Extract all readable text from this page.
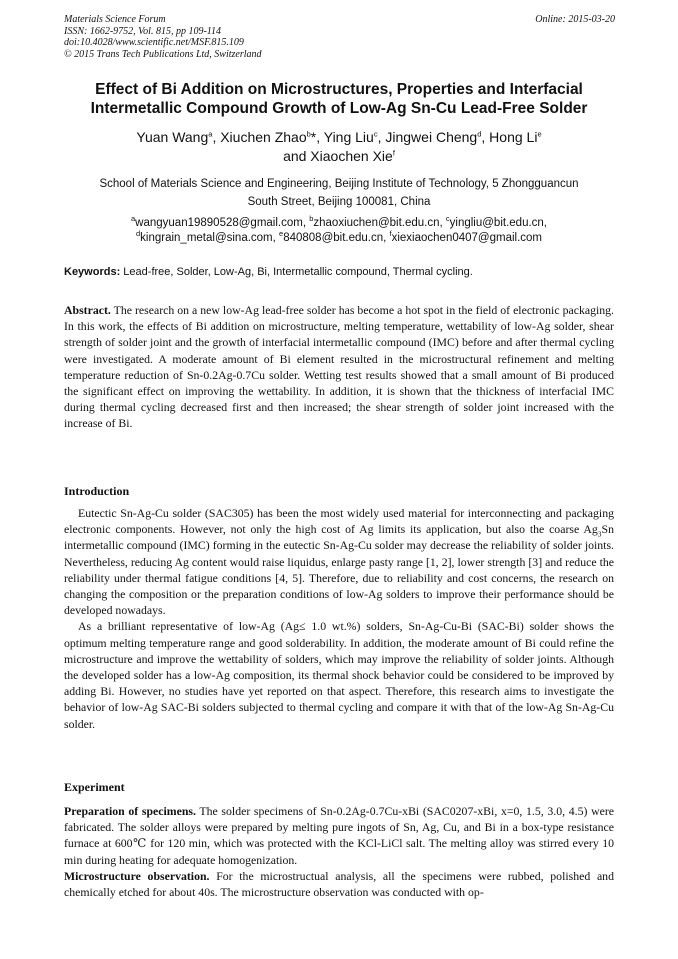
Materials Science Forum
ISSN: 1662-9752, Vol. 815, pp 109-114
doi:10.4028/www.scientific.net/MSF.815.109
© 2015 Trans Tech Publications Ltd, Switzerland
Online: 2015-03-20
Effect of Bi Addition on Microstructures, Properties and Interfacial
Intermetallic Compound Growth of Low-Ag Sn-Cu Lead-Free Solder
Yuan Wang$^a$, Xiuchen Zhao$^b$*, Ying Liu$^c$, Jingwei Cheng$^d$, Hong Li$^e$
and Xiaochen Xie$^f$
School of Materials Science and Engineering, Beijing Institute of Technology, 5 Zhongguancun
South Street, Beijing 100081, China
$^a$wangyuan19890528@gmail.com, $^b$zhaoxiuchen@bit.edu.cn, $^c$yingliu@bit.edu.cn,
$^d$kingrain_metal@sina.com, $^e$840808@bit.edu.cn, $^f$xiexiaochen0407@gmail.com
Keywords: Lead-free, Solder, Low-Ag, Bi, Intermetallic compound, Thermal cycling.

Abstract. The research on a new low-Ag lead-free solder has become a hot spot in the field of electronic packaging. In this work, the effects of Bi addition on microstructure, melting temperature, wettability of low-Ag solder, shear strength of solder joint and the growth of interfacial intermetallic compound (IMC) before and after thermal cycling were investigated. A moderate amount of Bi element resulted in the microstructural refinement and melting temperature reduction of Sn-0.2Ag-0.7Cu solder. Wetting test results showed that a small amount of Bi produced the significant effect on improving the wettability. In addition, it is shown that the thickness of interfacial IMC during thermal cycling decreased first and then increased; the shear strength of solder joint increased with the increase of Bi.

Introduction

Eutectic Sn-Ag-Cu solder (SAC305) has been the most widely used material for interconnecting and packaging electronic components. However, not only the high cost of Ag limits its application, but also the coarse $Ag_3Sn$ intermetallic compound (IMC) forming in the eutectic Sn-Ag-Cu solder may decrease the reliability of solder joints. Nevertheless, reducing Ag content would raise liquidus, enlarge pasty range [1, 2], lower strength [3] and reduce the reliability under thermal fatigue conditions [4, 5]. Therefore, due to reliability and cost concerns, the research on changing the composition or the preparation conditions of low-Ag solders to improve their performance should be developed nowadays.

As a brilliant representative of low-Ag (Ag≤ 1.0 wt.%) solders, Sn-Ag-Cu-Bi (SAC-Bi) solder shows the optimum melting temperature range and good solderability. In addition, the moderate amount of Bi could refine the microstructure and improve the wettability of solders, which may improve the reliability of solder joints. Although the developed solder has a low-Ag composition, its thermal shock behavior could be considered to be improved by adding Bi. However, no studies have yet reported on that aspect. Therefore, this research aims to investigate the behavior of low-Ag SAC-Bi solders subjected to thermal cycling and compare it with that of the low-Ag Sn-Ag-Cu solder.

Experiment

Preparation of specimens. The solder specimens of Sn-0.2Ag-0.7Cu-xBi (SAC0207-xBi, x=0, 1.5, 3.0, 4.5) were fabricated. The solder alloys were prepared by melting pure ingots of Sn, Ag, Cu, and Bi in a box-type resistance furnace at 600℃ for 120 min, which was protected with the KCl-LiCl salt. The melting alloy was stirred every 10 min during heating for adequate homogenization.

Microstructure observation. For the microstructual analysis, all the specimens were rubbed, polished and chemically etched for about 40s. The microstructure observation was conducted with op-
